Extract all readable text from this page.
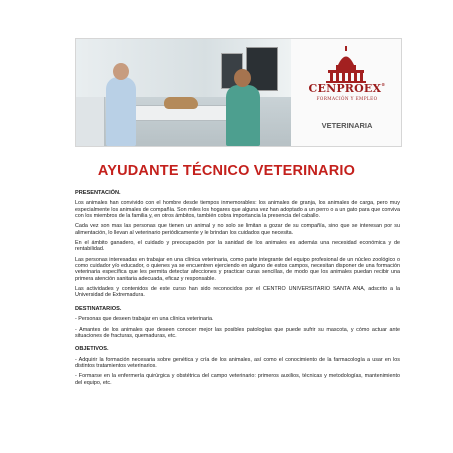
CENPROEX®
FORMACIÓN Y EMPLEO
VETERINARIA
AYUDANTE TÉCNICO VETERINARIO
PRESENTACIÓN.

Los animales han convivido con el hombre desde tiempos inmemorables: los animales de granja, los animales de carga, pero muy especialmente los animales de compañía. Son miles los hogares que alguna vez han adoptado a un perro o a un gato para que conviva con los miembros de la familia y, en otros ámbitos, también cobra importancia la presencia del caballo.

Cada vez son mas las personas que tienen un animal y no solo se limitan a gozar de su compañía, sino que se interesan por su alimentación, lo llevan al veterinario periódicamente y le brindan los cuidados que necesita.

En el ámbito ganadero, el cuidado y preocupación por la sanidad de los animales es además una necesidad económica y de rentabilidad.

Las personas interesadas en trabajar en una clínica veterinaria, como parte integrante del equipo profesional de un núcleo zoológico o como cuidador y/o educador, o quienes ya se encuentren ejerciendo en alguno de estos campos, necesitan disponer de una formación veterinaria específica que les permita detectar afecciones y practicar curas sencillas, de modo que los animales puedan recibir una primera atención sanitaria adecuada, eficaz y responsable.

Las actividades y contenidos de este curso han sido reconocidos por el CENTRO UNIVERSITARIO SANTA ANA, adscrito a la Universidad de Extremadura.

DESTINATARIOS.

- Personas que deseen trabajar en una clínica veterinaria.

- Amantes de los animales que deseen conocer mejor las posibles patologías que puede sufrir su mascota, y cómo actuar ante situaciones de fracturas, quemaduras, etc.

OBJETIVOS.

- Adquirir la formación necesaria sobre genética y cría de los animales, así como el conocimiento de la farmacología a usar en los distintos tratamientos veterinarios.

- Formarse en la enfermería quirúrgica y obstétrica del campo veterinario: primeros auxilios, técnicas y metodologías, mantenimiento del equipo, etc.
